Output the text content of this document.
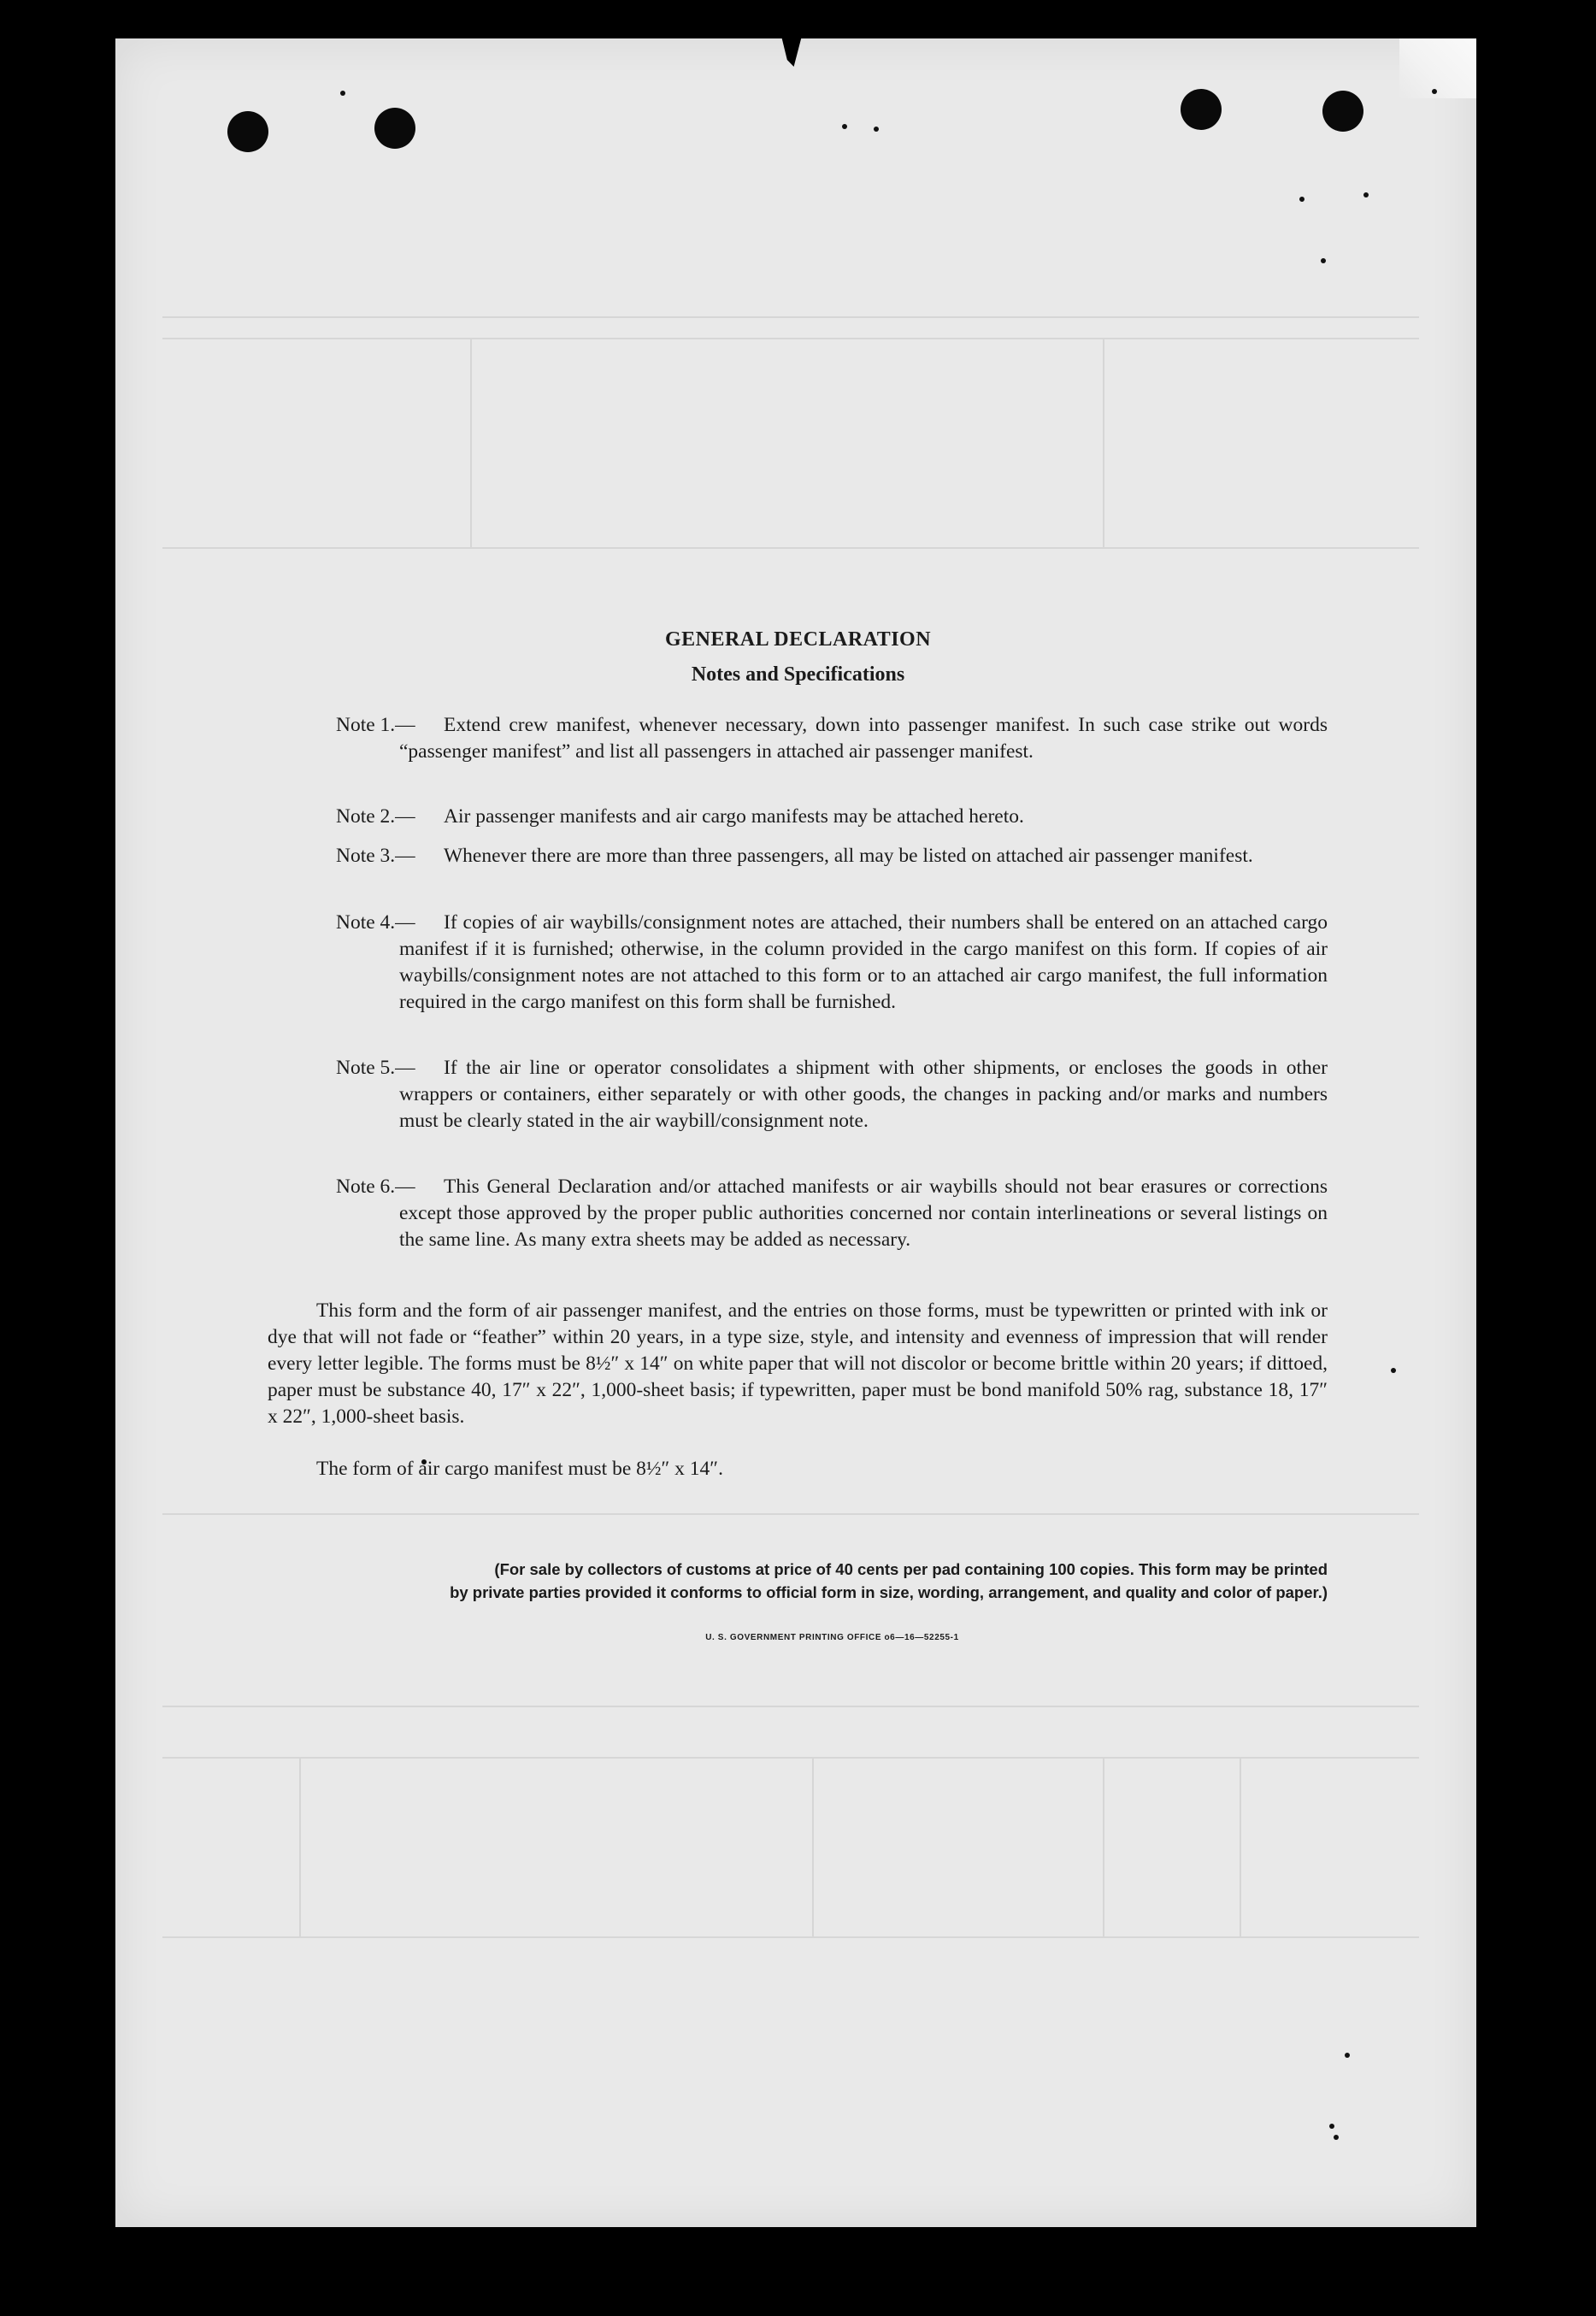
GENERAL DECLARATION
Notes and Specifications
Note 1.— Extend crew manifest, whenever necessary, down into passenger manifest. In such case strike out words “passenger manifest” and list all passengers in attached air passenger manifest.
Note 2.— Air passenger manifests and air cargo manifests may be attached hereto.
Note 3.— Whenever there are more than three passengers, all may be listed on attached air passenger manifest.
Note 4.— If copies of air waybills/consignment notes are attached, their numbers shall be entered on an attached cargo manifest if it is furnished; otherwise, in the column provided in the cargo manifest on this form. If copies of air waybills/consignment notes are not attached to this form or to an attached air cargo manifest, the full information required in the cargo manifest on this form shall be furnished.
Note 5.— If the air line or operator consolidates a shipment with other shipments, or encloses the goods in other wrappers or containers, either separately or with other goods, the changes in packing and/or marks and numbers must be clearly stated in the air waybill/consignment note.
Note 6.— This General Declaration and/or attached manifests or air waybills should not bear erasures or corrections except those approved by the proper public authorities concerned nor contain interlineations or several listings on the same line. As many extra sheets may be added as necessary.
This form and the form of air passenger manifest, and the entries on those forms, must be typewritten or printed with ink or dye that will not fade or “feather” within 20 years, in a type size, style, and intensity and evenness of impression that will render every letter legible. The forms must be 8½″ x 14″ on white paper that will not discolor or become brittle within 20 years; if dittoed, paper must be substance 40, 17″ x 22″, 1,000-sheet basis; if typewritten, paper must be bond manifold 50% rag, substance 18, 17″ x 22″, 1,000-sheet basis.
The form of air cargo manifest must be 8½″ x 14″.
(For sale by collectors of customs at price of 40 cents per pad containing 100 copies. This form may be printed
by private parties provided it conforms to official form in size, wording, arrangement, and quality and color of paper.)
U. S. GOVERNMENT PRINTING OFFICE o6—16—52255-1
